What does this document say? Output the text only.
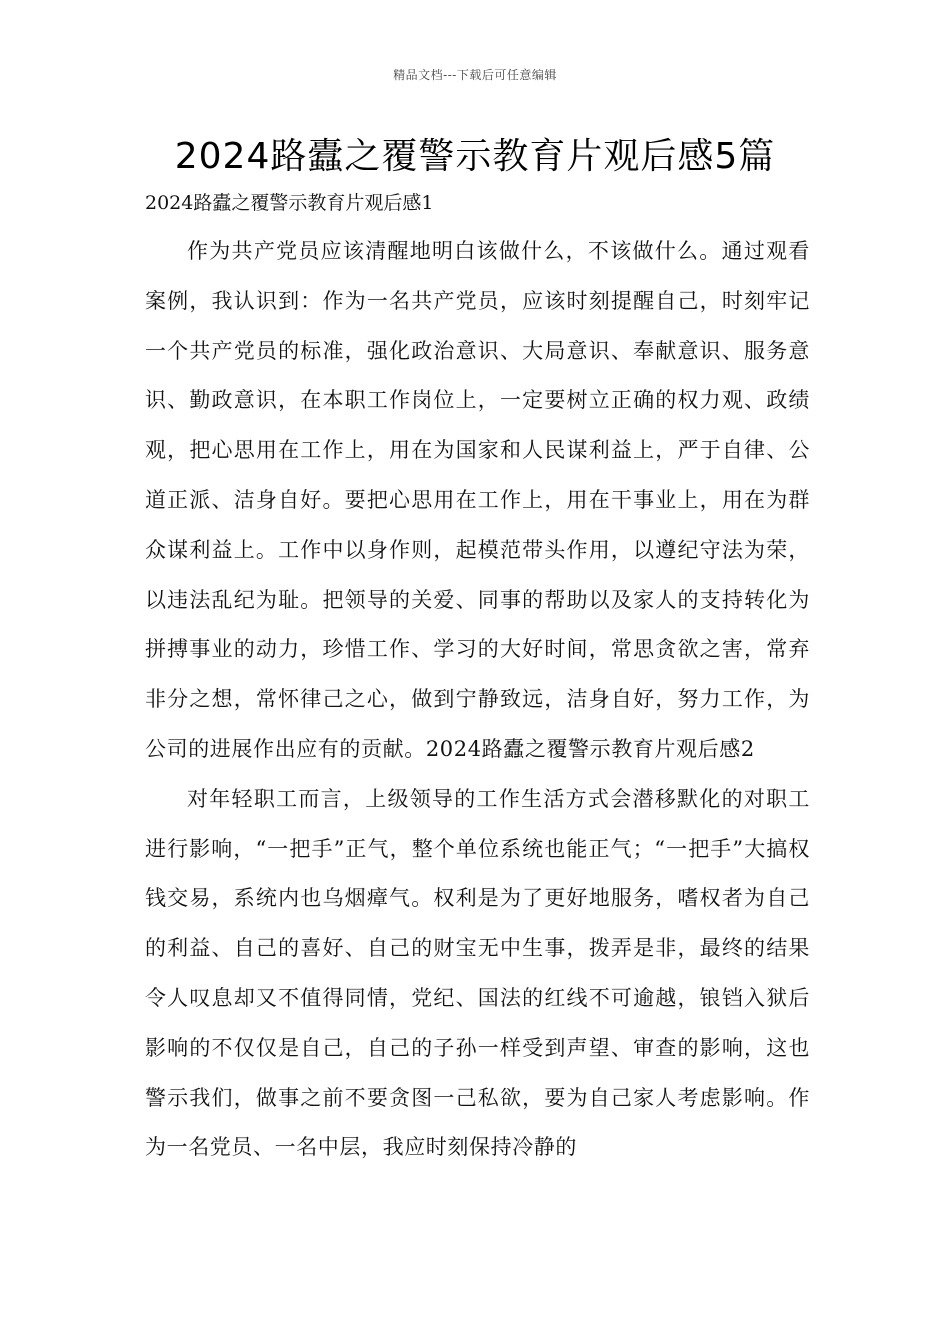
精品文档---下载后可任意编辑
2024路蠹之覆警示教育片观后感5篇
2024路蠹之覆警示教育片观后感1

作为共产党员应该清醒地明白该做什么，不该做什么。通过观看案例，我认识到：作为一名共产党员，应该时刻提醒自己，时刻牢记一个共产党员的标准，强化政治意识、大局意识、奉献意识、服务意识、勤政意识，在本职工作岗位上，一定要树立正确的权力观、政绩观，把心思用在工作上，用在为国家和人民谋利益上，严于自律、公道正派、洁身自好。要把心思用在工作上，用在干事业上，用在为群众谋利益上。工作中以身作则，起模范带头作用，以遵纪守法为荣，以违法乱纪为耻。把领导的关爱、同事的帮助以及家人的支持转化为拼搏事业的动力，珍惜工作、学习的大好时间，常思贪欲之害，常弃非分之想，常怀律己之心，做到宁静致远，洁身自好，努力工作，为公司的进展作出应有的贡献。2024路蠹之覆警示教育片观后感2

对年轻职工而言，上级领导的工作生活方式会潜移默化的对职工进行影响，“一把手”正气，整个单位系统也能正气；“一把手”大搞权钱交易，系统内也乌烟瘴气。权利是为了更好地服务，嗜权者为自己的利益、自己的喜好、自己的财宝无中生事，拨弄是非，最终的结果令人叹息却又不值得同情，党纪、国法的红线不可逾越，锒铛入狱后影响的不仅仅是自己，自己的子孙一样受到声望、审查的影响，这也警示我们，做事之前不要贪图一己私欲，要为自己家人考虑影响。作为一名党员、一名中层，我应时刻保持冷静的
